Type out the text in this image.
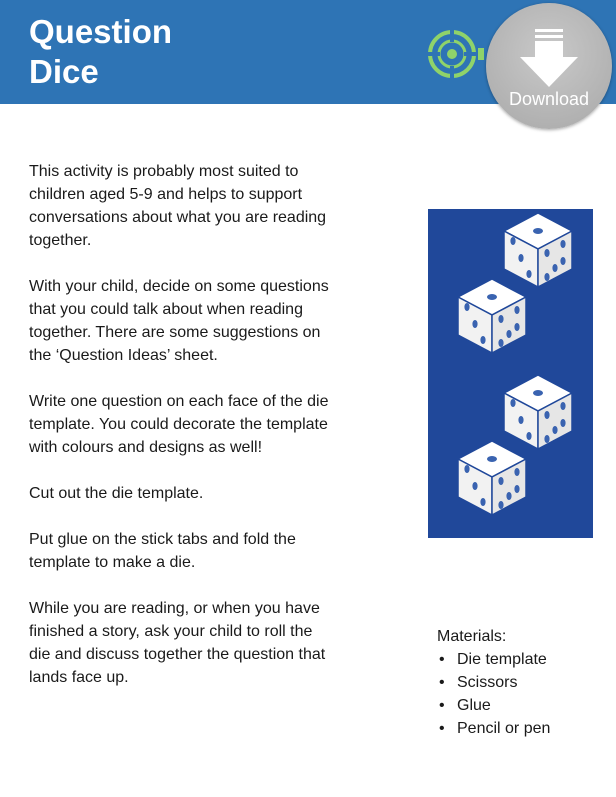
Question
Dice
Download

This activity is probably most suited to children aged 5-9 and helps to support conversations about what you are reading together.

With your child, decide on some questions that you could talk about when reading together. There are some suggestions on the ‘Question Ideas’ sheet.

Write one question on each face of the die template. You could decorate the template with colours and designs as well!

Cut out the die template.

Put glue on the stick tabs and fold the template to make a die.

While you are reading, or when you have finished a story, ask your child to roll the die and discuss together the question that lands face up.

Materials:
• Die template
• Scissors
• Glue
• Pencil or pen
